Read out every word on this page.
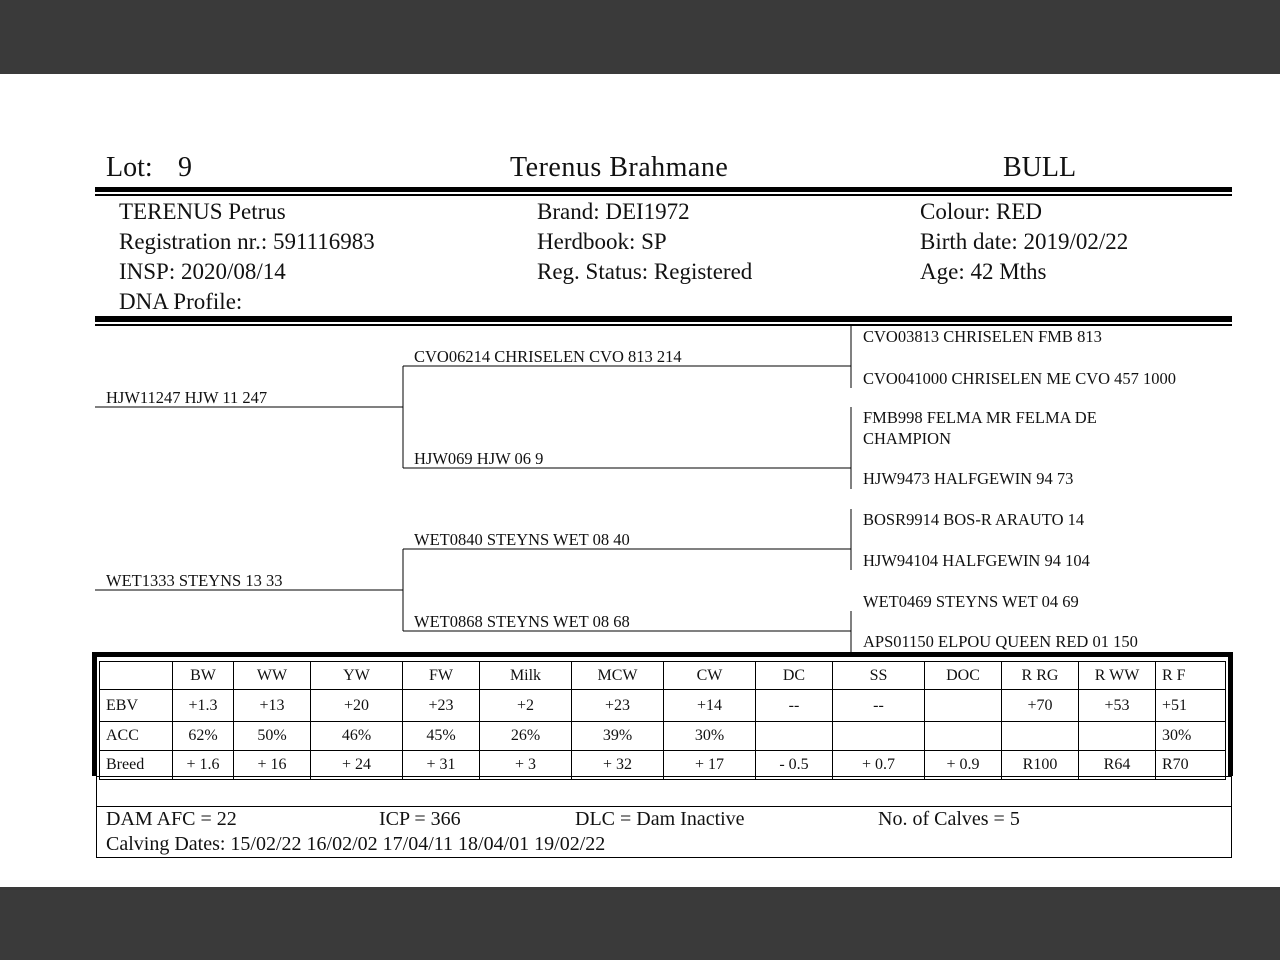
Lot: 9	Terenus Brahmane	BULL
TERENUS Petrus
Registration nr.: 591116983
INSP: 2020/08/14
DNA Profile:
Brand: DEI1972
Herdbook: SP
Reg. Status: Registered
Colour: RED
Birth date: 2019/02/22
Age: 42 Mths
HJW11247 HJW 11 247
WET1333 STEYNS 13 33
CVO06214 CHRISELEN CVO 813 214
HJW069 HJW 06 9
WET0840 STEYNS WET 08 40
WET0868 STEYNS WET 08 68
CVO03813 CHRISELEN FMB 813
CVO041000 CHRISELEN ME CVO 457 1000
FMB998 FELMA MR FELMA DE
CHAMPION
HJW9473 HALFGEWIN 94 73
BOSR9914 BOS-R ARAUTO 14
HJW94104 HALFGEWIN 94 104
WET0469 STEYNS WET 04 69
APS01150 ELPOU QUEEN RED 01 150
	BW	WW	YW	FW	Milk	MCW	CW	DC	SS	DOC	R RG	R WW	R F
EBV	+1.3	+13	+20	+23	+2	+23	+14	--	--		+70	+53	+51
ACC	62%	50%	46%	45%	26%	39%	30%						30%
Breed	+ 1.6	+ 16	+ 24	+ 31	+ 3	+ 32	+ 17	- 0.5	+ 0.7	+ 0.9	R100	R64	R70
DAM AFC = 22	ICP = 366	DLC = Dam Inactive	No. of Calves = 5
Calving Dates: 15/02/22 16/02/02 17/04/11 18/04/01 19/02/22
